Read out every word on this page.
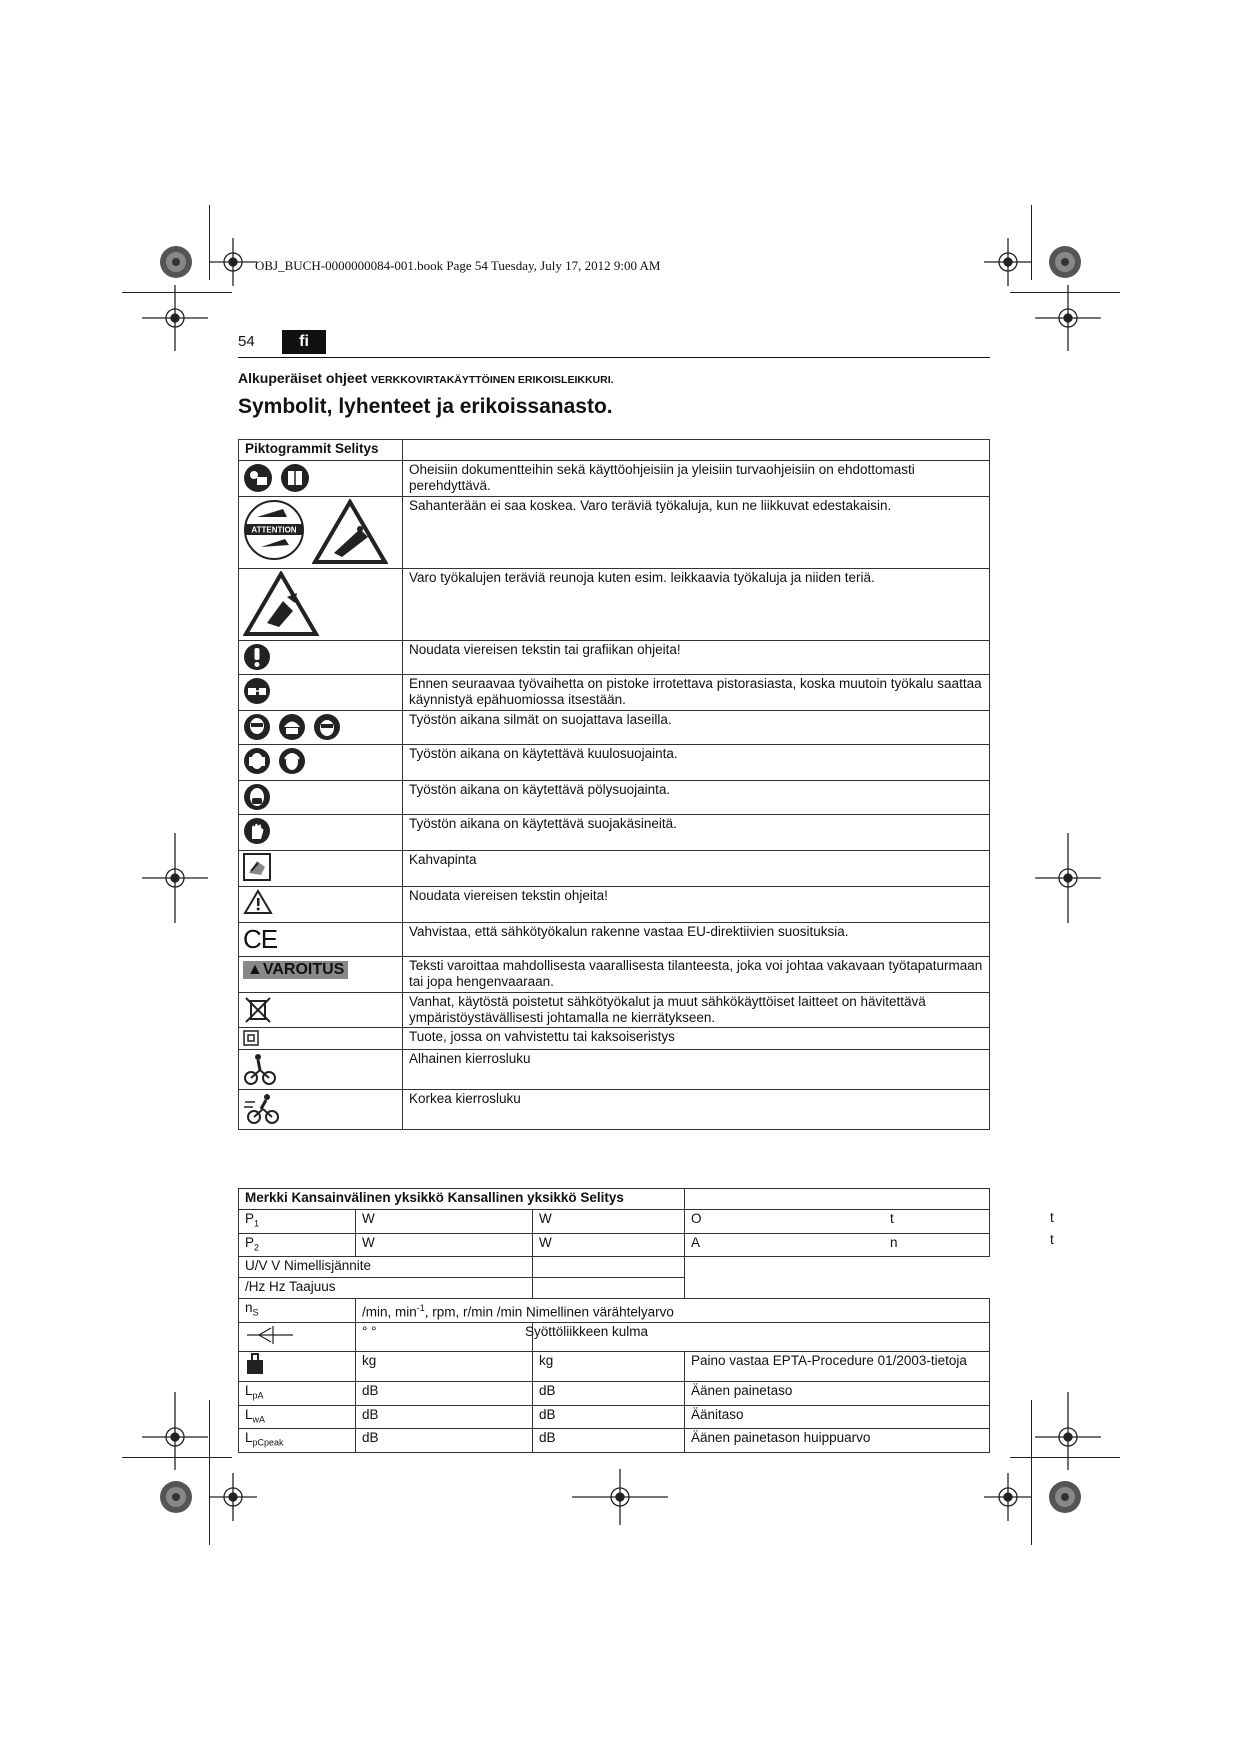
OBJ_BUCH-0000000084-001.book Page 54 Tuesday, July 17, 2012 9:00 AM
54	fi
Alkuperäiset ohjeet VERKKOVIRTAKÄYTTÖINEN ERIKOISLEIKKURI.
Symbolit, lyhenteet ja erikoissanasto.
Piktogrammit Selitys	
	Oheisiin dokumentteihin sekä käyttöohjeisiin ja yleisiin turvaohjeisiin on ehdottomasti perehdyttävä.

ATTENTION	Sahanterään ei saa koskea. Varo teräviä työkaluja, kun ne liikkuvat edestakaisin.
	Varo työkalujen teräviä reunoja kuten esim. leikkaavia työkaluja ja niiden teriä.
	Noudata viereisen tekstin tai grafiikan ohjeita!
	Ennen seuraavaa työvaihetta on pistoke irrotettava pistorasiasta, koska muutoin työkalu saattaa käynnistyä epähuomiossa itsestään.
	Työstön aikana silmät on suojattava laseilla.
	Työstön aikana on käytettävä kuulosuojainta.
	Työstön aikana on käytettävä pölysuojainta.
	Työstön aikana on käytettävä suojakäsineitä.
	Kahvapinta
	Noudata viereisen tekstin ohjeita!
CE	Vahvistaa, että sähkötyökalun rakenne vastaa EU-direktiivien suosituksia.
▲VAROITUS	Teksti varoittaa mahdollisesta vaarallisesta tilanteesta, joka voi johtaa vakavaan työtapaturmaan tai jopa hengenvaaraan.
	Vanhat, käytöstä poistetut sähkötyökalut ja muut sähkökäyttöiset laitteet on hävitettävä ympäristöystävällisesti johtamalla ne kierrätykseen.
	Tuote, jossa on vahvistettu tai kaksoiseristys
	Alhainen kierrosluku
	Korkea kierrosluku
Merkki Kansainvälinen yksikkö Kansallinen yksikkö Selitys			
$P_1$	W	W	O t

$P_2$	W	W	A n

U/V V Nimellisjännite			
/Hz Hz Taajuus			
$n_S$	/min, $\min^{-1}$, rpm, r/min /min Nimellinen värähtelyarvo		
	° °	Syöttöliikkeen kulma	
	kg	kg	Paino vastaa EPTA-Procedure 01/2003-tietoja
$L_{pA}$	dB	dB	Äänen painetaso
$L_{wA}$	dB	dB	Äänitaso
$L_{pCpeak}$	dB	dB	Äänen painetason huippuarvo
t
t
